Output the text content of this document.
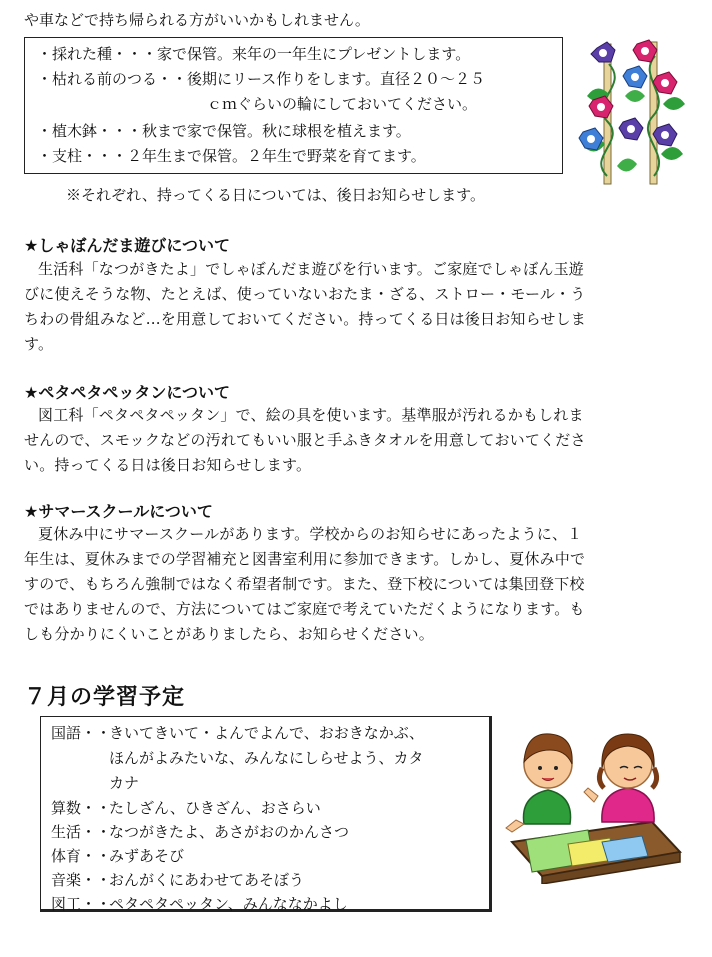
や車などで持ち帰られる方がいいかもしれません。
・採れた種・・・家で保管。来年の一年生にプレゼントします。
・枯れる前のつる・・後期にリース作りをします。直径２０～２５
ｃｍぐらいの輪にしておいてください。
・植木鉢・・・秋まで家で保管。秋に球根を植えます。
・支柱・・・２年生まで保管。２年生で野菜を育てます。
※それぞれ、持ってくる日については、後日お知らせします。
★しゃぼんだま遊びについて
生活科「なつがきたよ」でしゃぼんだま遊びを行います。ご家庭でしゃぼん玉遊
びに使えそうな物、たとえば、使っていないおたま・ざる、ストロー・モール・う
ちわの骨組みなど…を用意しておいてください。持ってくる日は後日お知らせしま
す。
★ペタペタペッタンについて
図工科「ペタペタペッタン」で、絵の具を使います。基準服が汚れるかもしれま
せんので、スモックなどの汚れてもいい服と手ふきタオルを用意しておいてくださ
い。持ってくる日は後日お知らせします。
★サマースクールについて
夏休み中にサマースクールがあります。学校からのお知らせにあったように、１
年生は、夏休みまでの学習補充と図書室利用に参加できます。しかし、夏休み中で
すので、もちろん強制ではなく希望者制です。また、登下校については集団登下校
ではありませんので、方法についてはご家庭で考えていただくようになります。も
しも分かりにくいことがありましたら、お知らせください。
７月の学習予定
国語・・
きいてきいて・よんでよんで、おおきなかぶ、
ほんがよみたいな、みんなにしらせよう、カタ
カナ
算数・・
たしざん、ひきざん、おさらい
生活・・
なつがきたよ、あさがおのかんさつ
体育・・
みずあそび
音楽・・
おんがくにあわせてあそぼう
図工・・
ペタペタペッタン、みんななかよし
